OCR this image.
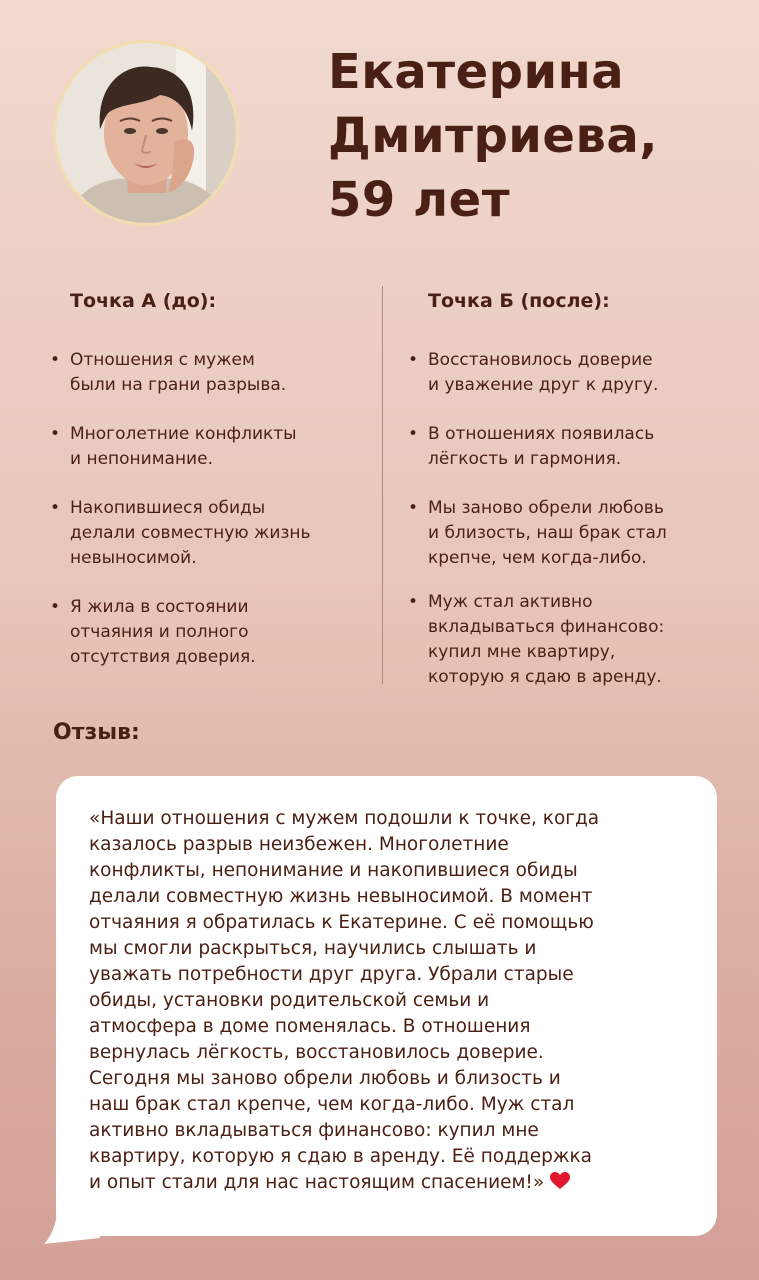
Екатерина
Дмитриева,
59 лет
Точка А (до):
• Отношения с мужем
были на грани разрыва.
• Многолетние конфликты
и непонимание.
• Накопившиеся обиды
делали совместную жизнь
невыносимой.
• Я жила в состоянии
отчаяния и полного
отсутствия доверия.
Точка Б (после):
• Восстановилось доверие
и уважение друг к другу.
• В отношениях появилась
лёгкость и гармония.
• Мы заново обрели любовь
и близость, наш брак стал
крепче, чем когда-либо.
• Муж стал активно
вкладываться финансово:
купил мне квартиру,
которую я сдаю в аренду.
Отзыв:

«Наши отношения с мужем подошли к точке, когда
казалось разрыв неизбежен. Многолетние
конфликты, непонимание и накопившиеся обиды
делали совместную жизнь невыносимой. В момент
отчаяния я обратилась к Екатерине. С её помощью
мы смогли раскрыться, научились слышать и
уважать потребности друг друга. Убрали старые
обиды, установки родительской семьи и
атмосфера в доме поменялась. В отношения
вернулась лёгкость, восстановилось доверие.
Сегодня мы заново обрели любовь и близость и
наш брак стал крепче, чем когда-либо. Муж стал
активно вкладываться финансово: купил мне
квартиру, которую я сдаю в аренду. Её поддержка
и опыт стали для нас настоящим спасением!»
